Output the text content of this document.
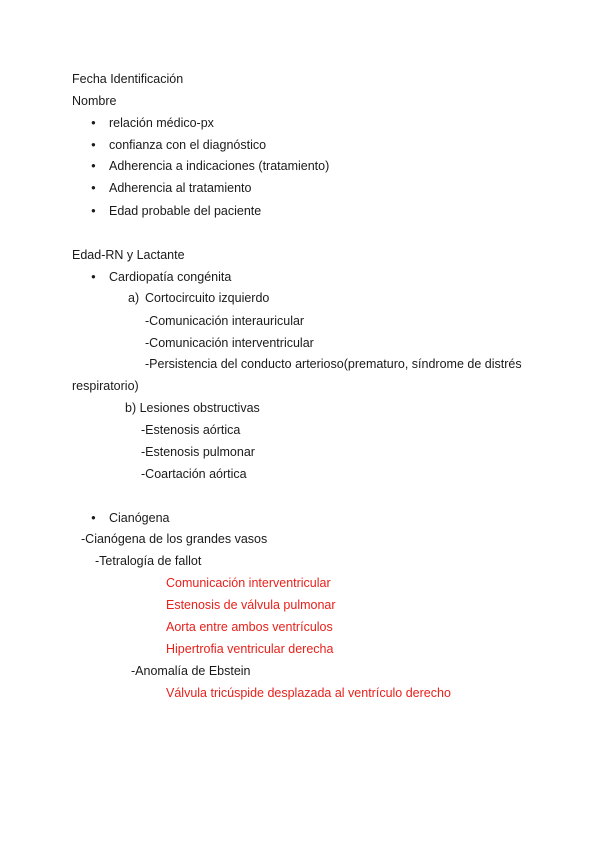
Fecha Identificación
Nombre
● relación médico-px
● confianza con el diagnóstico
● Adherencia a indicaciones (tratamiento)
● Adherencia al tratamiento
● Edad probable del paciente
Edad-RN y Lactante
● Cardiopatía congénita
a) Cortocircuito izquierdo
-Comunicación interauricular
-Comunicación interventricular
-Persistencia del conducto arterioso(prematuro, síndrome de distrés
respiratorio)
b) Lesiones obstructivas
-Estenosis aórtica
-Estenosis pulmonar
-Coartación aórtica
● Cianógena
-Cianógena de los grandes vasos
-Tetralogía de fallot
Comunicación interventricular
Estenosis de válvula pulmonar
Aorta entre ambos ventrículos
Hipertrofia ventricular derecha
-Anomalía de Ebstein
Válvula tricúspide desplazada al ventrículo derecho
